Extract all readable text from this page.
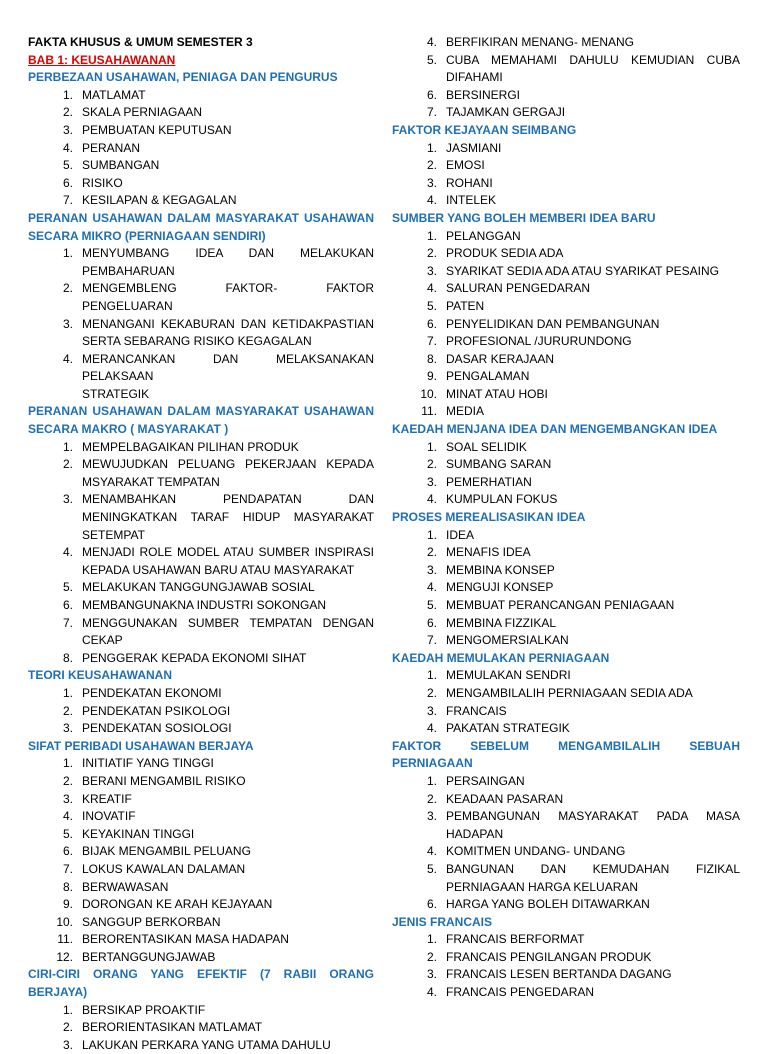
FAKTA KHUSUS & UMUM SEMESTER 3
BAB 1: KEUSAHAWANAN
PERBEZAAN USAHAWAN, PENIAGA DAN PENGURUS
1. MATLAMAT
2. SKALA PERNIAGAAN
3. PEMBUATAN KEPUTUSAN
4. PERANAN
5. SUMBANGAN
6. RISIKO
7. KESILAPAN & KEGAGALAN
PERANAN USAHAWAN DALAM MASYARAKAT USAHAWAN
SECARA MIKRO (PERNIAGAAN SENDIRI)
1. MENYUMBANG IDEA DAN MELAKUKAN
PEMBAHARUAN
2. MENGEMBLENG FAKTOR- FAKTOR PENGELUARAN
3. MENANGANI KEKABURAN DAN KETIDAKPASTIAN
SERTA SEBARANG RISIKO KEGAGALAN
4. MERANCANKAN DAN MELAKSANAKAN PELAKSAAN
STRATEGIK
PERANAN USAHAWAN DALAM MASYARAKAT USAHAWAN
SECARA MAKRO ( MASYARAKAT )
1. MEMPELBAGAIKAN PILIHAN PRODUK
2. MEWUJUDKAN PELUANG PEKERJAAN KEPADA
MSYARAKAT TEMPATAN
3. MENAMBAHKAN PENDAPATAN DAN
MENINGKATKAN TARAF HIDUP MASYARAKAT
SETEMPAT
4. MENJADI ROLE MODEL ATAU SUMBER INSPIRASI
KEPADA USAHAWAN BARU ATAU MASYARAKAT
5. MELAKUKAN TANGGUNGJAWAB SOSIAL
6. MEMBANGUNAKNA INDUSTRI SOKONGAN
7. MENGGUNAKAN SUMBER TEMPATAN DENGAN
CEKAP
8. PENGGERAK KEPADA EKONOMI SIHAT
TEORI KEUSAHAWANAN
1. PENDEKATAN EKONOMI
2. PENDEKATAN PSIKOLOGI
3. PENDEKATAN SOSIOLOGI
SIFAT PERIBADI USAHAWAN BERJAYA
1. INITIATIF YANG TINGGI
2. BERANI MENGAMBIL RISIKO
3. KREATIF
4. INOVATIF
5. KEYAKINAN TINGGI
6. BIJAK MENGAMBIL PELUANG
7. LOKUS KAWALAN DALAMAN
8. BERWAWASAN
9. DORONGAN KE ARAH KEJAYAAN
10. SANGGUP BERKORBAN
11. BERORENTASIKAN MASA HADAPAN
12. BERTANGGUNGJAWAB
CIRI-CIRI ORANG YANG EFEKTIF (7 RABII ORANG BERJAYA)
1. BERSIKAP PROAKTIF
2. BERORIENTASIKAN MATLAMAT
3. LAKUKAN PERKARA YANG UTAMA DAHULU
4. BERFIKIRAN MENANG- MENANG
5. CUBA MEMAHAMI DAHULU KEMUDIAN CUBA
DIFAHAMI
6. BERSINERGI
7. TAJAMKAN GERGAJI
FAKTOR KEJAYAAN SEIMBANG
1. JASMIANI
2. EMOSI
3. ROHANI
4. INTELEK
SUMBER YANG BOLEH MEMBERI IDEA BARU
1. PELANGGAN
2. PRODUK SEDIA ADA
3. SYARIKAT SEDIA ADA ATAU SYARIKAT PESAING
4. SALURAN PENGEDARAN
5. PATEN
6. PENYELIDIKAN DAN PEMBANGUNAN
7. PROFESIONAL /JURURUNDONG
8. DASAR KERAJAAN
9. PENGALAMAN
10. MINAT ATAU HOBI
11. MEDIA
KAEDAH MENJANA IDEA DAN MENGEMBANGKAN IDEA
1. SOAL SELIDIK
2. SUMBANG SARAN
3. PEMERHATIAN
4. KUMPULAN FOKUS
PROSES MEREALISASIKAN IDEA
1. IDEA
2. MENAFIS IDEA
3. MEMBINA KONSEP
4. MENGUJI KONSEP
5. MEMBUAT PERANCANGAN PENIAGAAN
6. MEMBINA FIZZIKAL
7. MENGOMERSIALKAN
KAEDAH MEMULAKAN PERNIAGAAN
1. MEMULAKAN SENDRI
2. MENGAMBILALIH PERNIAGAAN SEDIA ADA
3. FRANCAIS
4. PAKATAN STRATEGIK
FAKTOR SEBELUM MENGAMBILALIH SEBUAH
PERNIAGAAN
1. PERSAINGAN
2. KEADAAN PASARAN
3. PEMBANGUNAN MASYARAKAT PADA MASA
HADAPAN
4. KOMITMEN UNDANG- UNDANG
5. BANGUNAN DAN KEMUDAHAN FIZIKAL
PERNIAGAAN HARGA KELUARAN
6. HARGA YANG BOLEH DITAWARKAN
JENIS FRANCAIS
1. FRANCAIS BERFORMAT
2. FRANCAIS PENGILANGAN PRODUK
3. FRANCAIS LESEN BERTANDA DAGANG
4. FRANCAIS PENGEDARAN
